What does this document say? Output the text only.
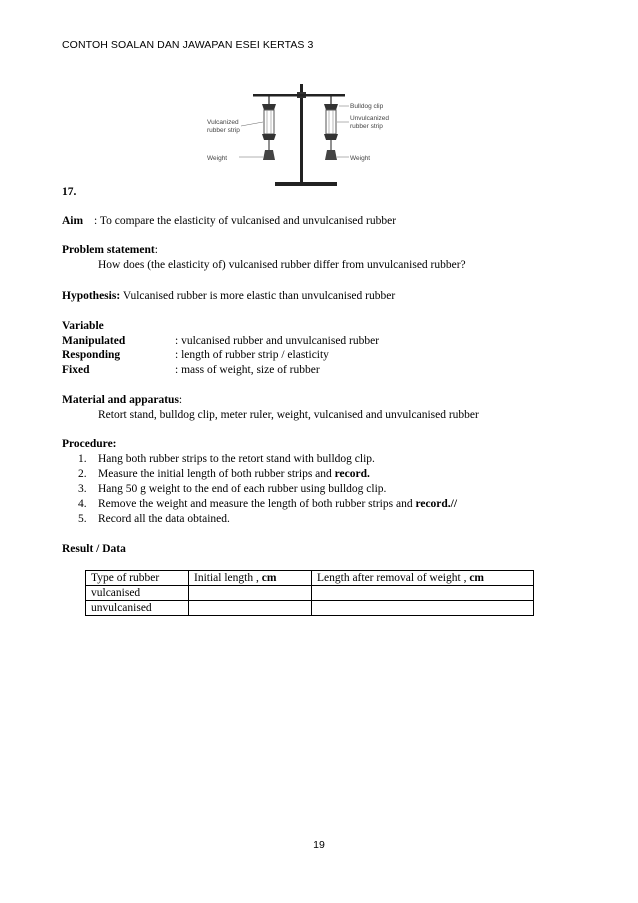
CONTOH SOALAN DAN JAWAPAN ESEI KERTAS 3
Bulldog clip
Unvulcanized
rubber strip
Vulcanized
rubber strip
Weight	Weight
17.
Aim : To compare the elasticity of vulcanised and unvulcanised rubber
Problem statement:
How does (the elasticity of) vulcanised rubber differ from unvulcanised rubber?
Hypothesis: Vulcanised rubber is more elastic than unvulcanised rubber
Variable
Manipulated	: vulcanised rubber and unvulcanised rubber
Responding	: length of rubber strip / elasticity
Fixed	: mass of weight, size of rubber
Material and apparatus:
Retort stand, bulldog clip, meter ruler, weight, vulcanised and unvulcanised rubber
Procedure:
1. Hang both rubber strips to the retort stand with bulldog clip.
2. Measure the initial length of both rubber strips and record.
3. Hang 50 g weight to the end of each rubber using bulldog clip.
4. Remove the weight and measure the length of both rubber strips and record.//
5. Record all the data obtained.
Result / Data
Type of rubber	Initial length , cm	Length after removal of weight , cm
vulcanised		
unvulcanised		
19
